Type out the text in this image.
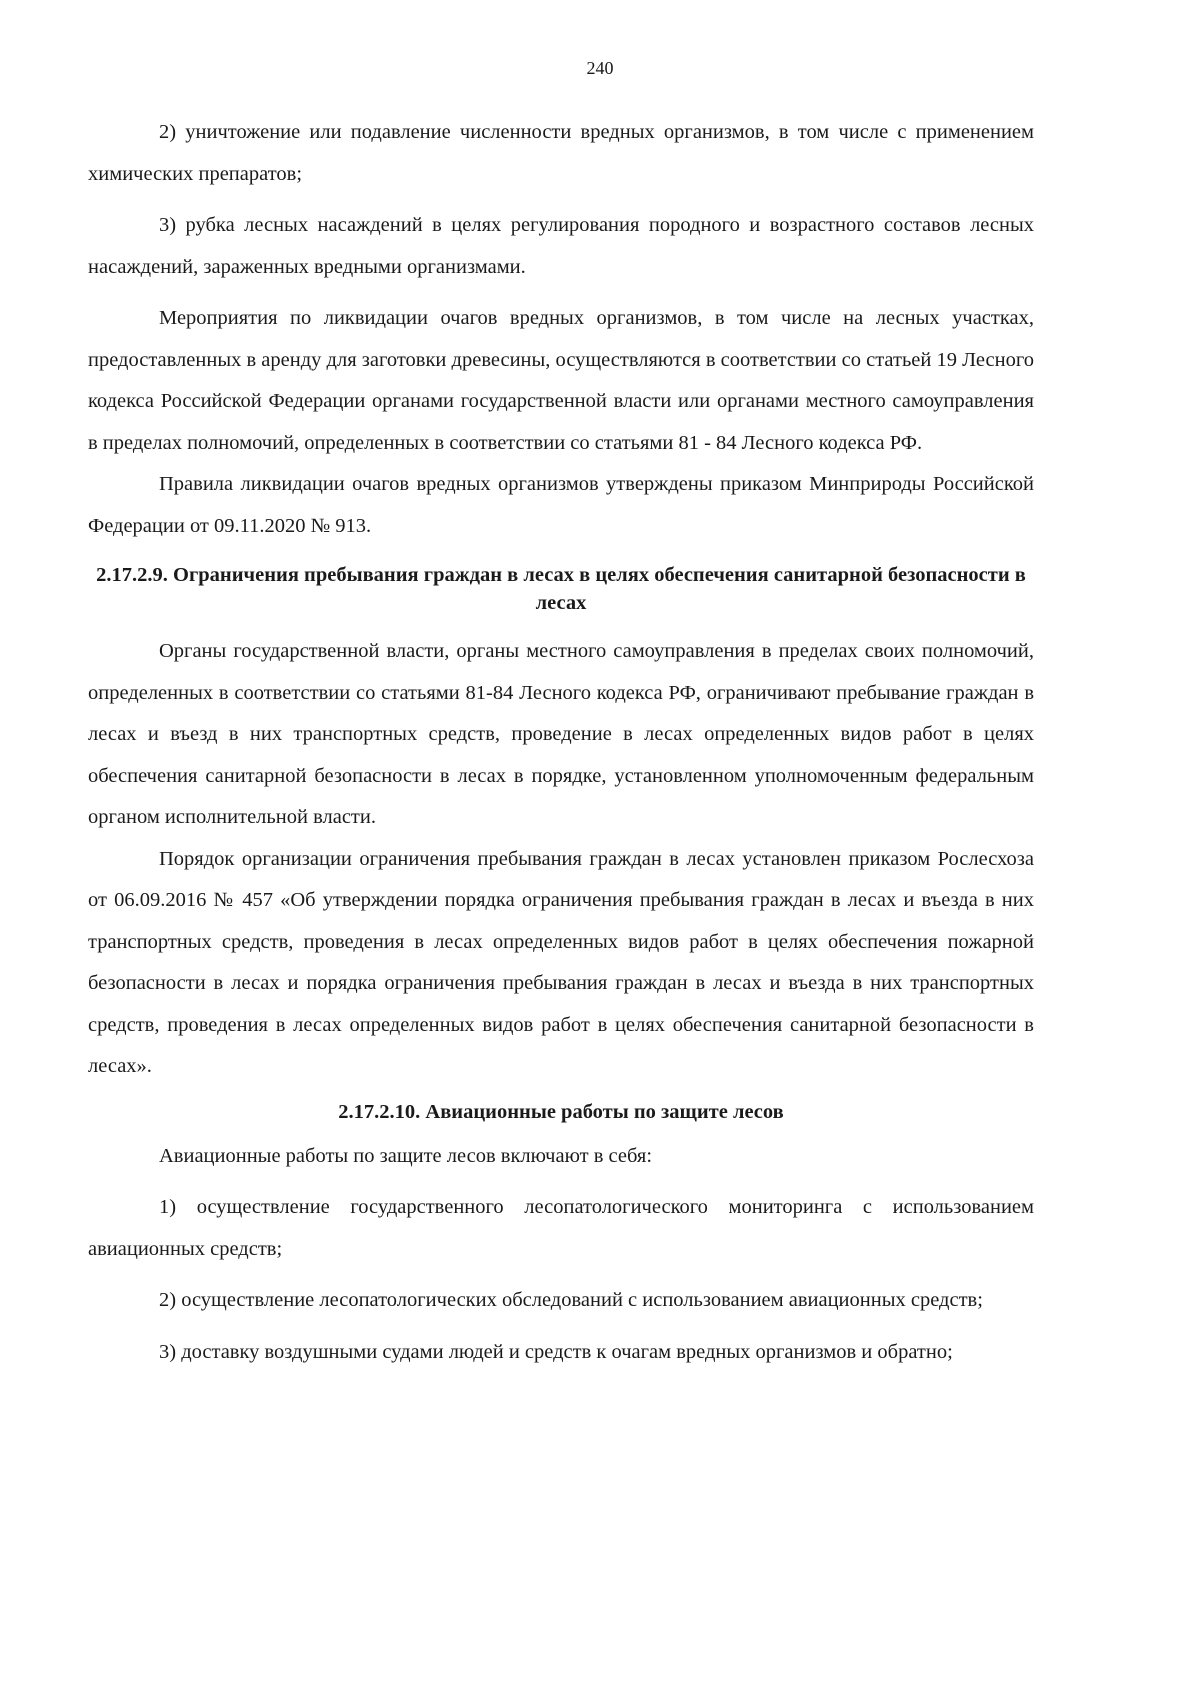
240

2) уничтожение или подавление численности вредных организмов, в том числе с применением химических препаратов;

3) рубка лесных насаждений в целях регулирования породного и возрастного составов лесных насаждений, зараженных вредными организмами.

Мероприятия по ликвидации очагов вредных организмов, в том числе на лесных участках, предоставленных в аренду для заготовки древесины, осуществляются в соответствии со статьей 19 Лесного кодекса Российской Федерации органами государственной власти или органами местного самоуправления в пределах полномочий, определенных в соответствии со статьями 81 - 84 Лесного кодекса РФ.

Правила ликвидации очагов вредных организмов утверждены приказом Минприроды Российской Федерации от 09.11.2020 № 913.

2.17.2.9. Ограничения пребывания граждан в лесах в целях обеспечения санитарной безопасности в лесах

Органы государственной власти, органы местного самоуправления в пределах своих полномочий, определенных в соответствии со статьями 81-84 Лесного кодекса РФ, ограничивают пребывание граждан в лесах и въезд в них транспортных средств, проведение в лесах определенных видов работ в целях обеспечения санитарной безопасности в лесах в порядке, установленном уполномоченным федеральным органом исполнительной власти.

Порядок организации ограничения пребывания граждан в лесах установлен приказом Рослесхоза от 06.09.2016 № 457 «Об утверждении порядка ограничения пребывания граждан в лесах и въезда в них транспортных средств, проведения в лесах определенных видов работ в целях обеспечения пожарной безопасности в лесах и порядка ограничения пребывания граждан в лесах и въезда в них транспортных средств, проведения в лесах определенных видов работ в целях обеспечения санитарной безопасности в лесах».

2.17.2.10. Авиационные работы по защите лесов

Авиационные работы по защите лесов включают в себя:

1) осуществление государственного лесопатологического мониторинга с использованием авиационных средств;

2) осуществление лесопатологических обследований с использованием авиационных средств;

3) доставку воздушными судами людей и средств к очагам вредных организмов и обратно;
